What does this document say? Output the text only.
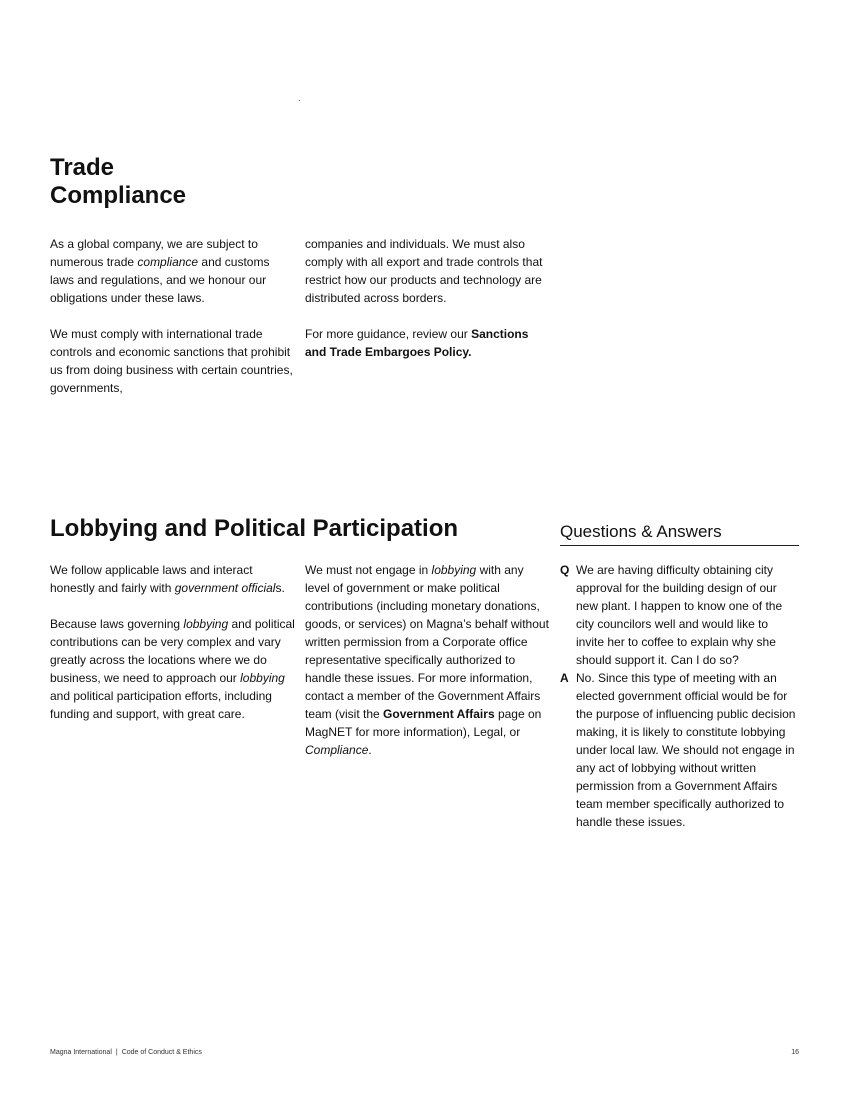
Trade
Compliance

As a global company, we are subject to numerous trade compliance and customs laws and regulations, and we honour our obligations under these laws.

We must comply with international trade controls and economic sanctions that prohibit us from doing business with certain countries, governments,

companies and individuals. We must also comply with all export and trade controls that restrict how our products and technology are distributed across borders.

For more guidance, review our Sanctions and Trade Embargoes Policy.

Lobbying and Political Participation

We follow applicable laws and interact honestly and fairly with government officials.

Because laws governing lobbying and political contributions can be very complex and vary greatly across the locations where we do business, we need to approach our lobbying and political participation efforts, including funding and support, with great care.

We must not engage in lobbying with any level of government or make political contributions (including monetary donations, goods, or services) on Magna’s behalf without written permission from a Corporate office representative specifically authorized to handle these issues. For more information, contact a member of the Government Affairs team (visit the Government Affairs page on MagNET for more information), Legal, or Compliance.

Questions & Answers
Q We are having difficulty obtaining city approval for the building design of our new plant. I happen to know one of the city councilors well and would like to invite her to coffee to explain why she should support it. Can I do so?
A No. Since this type of meeting with an elected government official would be for the purpose of influencing public decision making, it is likely to constitute lobbying under local law. We should not engage in any act of lobbying without written permission from a Government Affairs team member specifically authorized to handle these issues.
Magna International | Code of Conduct & Ethics	16
